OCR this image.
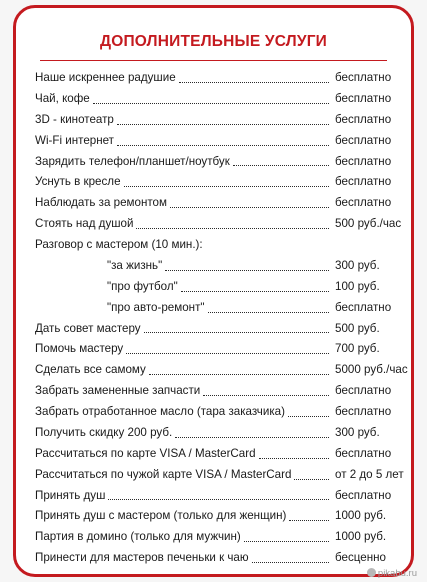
ДОПОЛНИТЕЛЬНЫЕ УСЛУГИ
Наше искреннее радушие	бесплатно
Чай, кофе	бесплатно
3D - кинотеатр	бесплатно
Wi-Fi интернет	бесплатно
Зарядить телефон/планшет/ноутбук	бесплатно
Уснуть в кресле	бесплатно
Наблюдать за ремонтом	бесплатно
Стоять над душой	500 руб./час
Разговор с мастером (10 мин.):
"за жизнь"	300 руб.
"про футбол"	100 руб.
"про авто-ремонт"	бесплатно
Дать совет мастеру	500 руб.
Помочь мастеру	700 руб.
Сделать все самому	5000 руб./час
Забрать замененные запчасти	бесплатно
Забрать отработанное масло (тара заказчика)	бесплатно
Получить скидку 200 руб.	300 руб.
Рассчитаться по карте VISA / MasterCard	бесплатно
Рассчитаться по чужой карте VISA / MasterCard	от 2 до 5 лет
Принять душ	бесплатно
Принять душ с мастером (только для женщин)	1000 руб.
Партия в домино (только для мужчин)	1000 руб.
Принести для мастеров печеньки к чаю	бесценно
pikabu.ru
